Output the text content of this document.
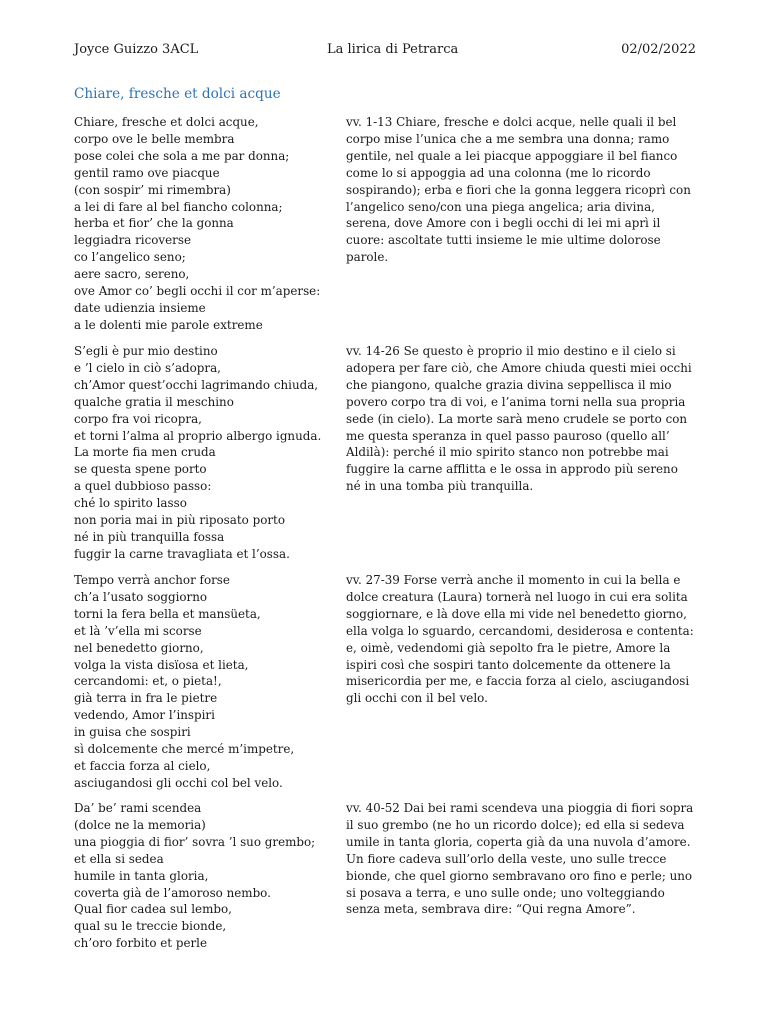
Joyce Guizzo 3ACL	La lirica di Petrarca	02/02/2022
Chiare, fresche et dolci acque
Chiare, fresche et dolci acque,
corpo ove le belle membra
pose colei che sola a me par donna;
gentil ramo ove piacque
(con sospir’ mi rimembra)
a lei di fare al bel fiancho colonna;
herba et fior’ che la gonna
leggiadra ricoverse
co l’angelico seno;
aere sacro, sereno,
ove Amor co’ begli occhi il cor m’aperse:
date udienzia insieme
a le dolenti mie parole extreme

vv. 1-13 Chiare, fresche e dolci acque, nelle quali il bel corpo mise l’unica che a me sembra una donna; ramo gentile, nel quale a lei piacque appoggiare il bel fianco come lo si appoggia ad una colonna (me lo ricordo sospirando); erba e fiori che la gonna leggera ricoprì con l’angelico seno/con una piega angelica; aria divina, serena, dove Amore con i begli occhi di lei mi aprì il cuore: ascoltate tutti insieme le mie ultime dolorose parole.

S’egli è pur mio destino
e ’l cielo in ciò s’adopra,
ch’Amor quest’occhi lagrimando chiuda,
qualche gratia il meschino
corpo fra voi ricopra,
et torni l’alma al proprio albergo ignuda.
La morte fia men cruda
se questa spene porto
a quel dubbioso passo:
ché lo spirito lasso
non poria mai in più riposato porto
né in più tranquilla fossa
fuggir la carne travagliata et l’ossa.

vv. 14-26 Se questo è proprio il mio destino e il cielo si adopera per fare ciò, che Amore chiuda questi miei occhi che piangono, qualche grazia divina seppellisca il mio povero corpo tra di voi, e l’anima torni nella sua propria sede (in cielo). La morte sarà meno crudele se porto con me questa speranza in quel passo pauroso (quello all’ Aldilà): perché il mio spirito stanco non potrebbe mai fuggire la carne afflitta e le ossa in approdo più sereno né in una tomba più tranquilla.

Tempo verrà anchor forse
ch’a l’usato soggiorno
torni la fera bella et mansüeta,
et là ’v’ella mi scorse
nel benedetto giorno,
volga la vista disïosa et lieta,
cercandomi: et, o pieta!,
già terra in fra le pietre
vedendo, Amor l’inspiri
in guisa che sospiri
sì dolcemente che mercé m’impetre,
et faccia forza al cielo,
asciugandosi gli occhi col bel velo.

vv. 27-39 Forse verrà anche il momento in cui la bella e dolce creatura (Laura) tornerà nel luogo in cui era solita soggiornare, e là dove ella mi vide nel benedetto giorno, ella volga lo sguardo, cercandomi, desiderosa e contenta: e, oimè, vedendomi già sepolto fra le pietre, Amore la ispiri così che sospiri tanto dolcemente da ottenere la misericordia per me, e faccia forza al cielo, asciugandosi gli occhi con il bel velo.

Da’ be’ rami scendea
(dolce ne la memoria)
una pioggia di fior’ sovra ’l suo grembo;
et ella si sedea
humile in tanta gloria,
coverta già de l’amoroso nembo.
Qual fior cadea sul lembo,
qual su le treccie bionde,
ch’oro forbito et perle

vv. 40-52 Dai bei rami scendeva una pioggia di fiori sopra il suo grembo (ne ho un ricordo dolce); ed ella si sedeva umile in tanta gloria, coperta già da una nuvola d’amore. Un fiore cadeva sull’orlo della veste, uno sulle trecce bionde, che quel giorno sembravano oro fino e perle; uno si posava a terra, e uno sulle onde; uno volteggiando senza meta, sembrava dire: “Qui regna Amore”.
